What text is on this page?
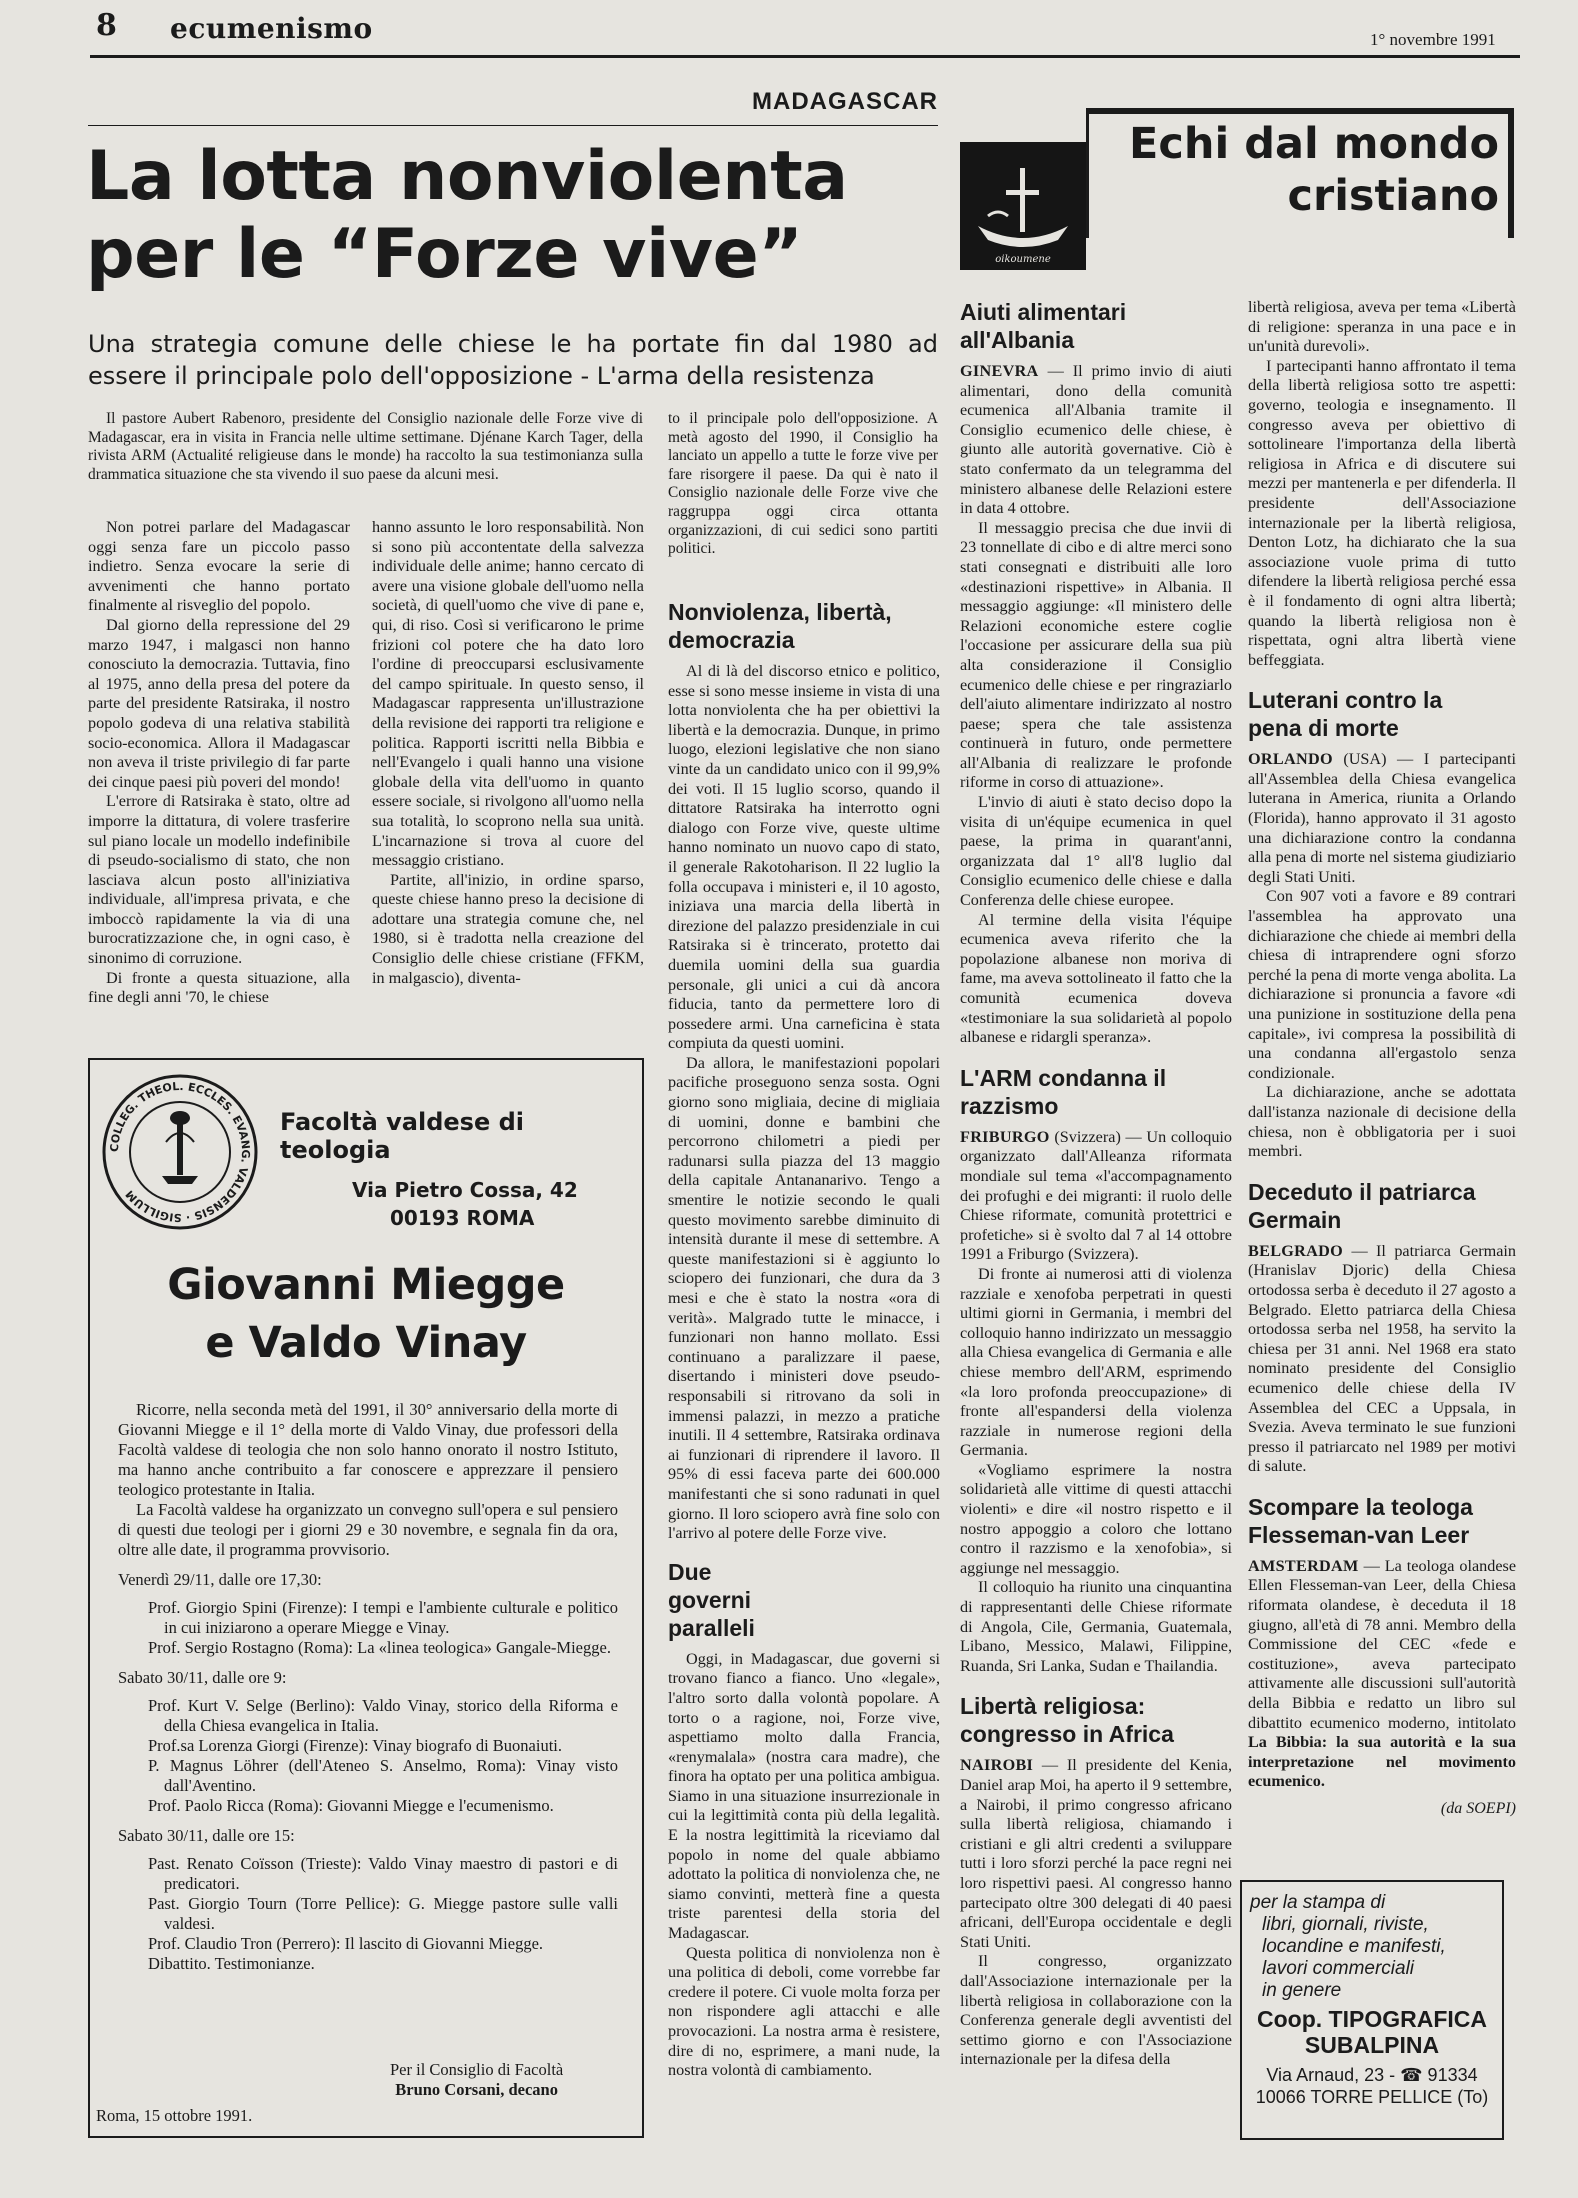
8 ecumenismo	1° novembre 1991
MADAGASCAR
La lotta nonviolenta
per le “Forze vive”
Una strategia comune delle chiese le ha portate fin dal 1980 ad essere il principale polo dell'opposizione - L'arma della resistenza

Il pastore Aubert Rabenoro, presidente del Consiglio nazionale delle Forze vive di Madagascar, era in visita in Francia nelle ultime settimane. Djénane Karch Tager, della rivista ARM (Actualité religieuse dans le monde) ha raccolto la sua testimonianza sulla drammatica situazione che sta vivendo il suo paese da alcuni mesi.

to il principale polo dell'opposizione. A metà agosto del 1990, il Consiglio ha lanciato un appello a tutte le forze vive per fare risorgere il paese. Da qui è nato il Consiglio nazionale delle Forze vive che raggruppa oggi circa ottanta organizzazioni, di cui sedici sono partiti politici.

Non potrei parlare del Madagascar oggi senza fare un piccolo passo indietro. Senza evocare la serie di avvenimenti che hanno portato finalmente al risveglio del popolo.

Dal giorno della repressione del 29 marzo 1947, i malgasci non hanno conosciuto la democrazia. Tuttavia, fino al 1975, anno della presa del potere da parte del presidente Ratsiraka, il nostro popolo godeva di una relativa stabilità socio-economica. Allora il Madagascar non aveva il triste privilegio di far parte dei cinque paesi più poveri del mondo!

L'errore di Ratsiraka è stato, oltre ad imporre la dittatura, di volere trasferire sul piano locale un modello indefinibile di pseudo-socialismo di stato, che non lasciava alcun posto all'iniziativa individuale, all'impresa privata, e che imboccò rapidamente la via di una burocratizzazione che, in ogni caso, è sinonimo di corruzione.

Di fronte a questa situazione, alla fine degli anni '70, le chiese

hanno assunto le loro responsabilità. Non si sono più accontentate della salvezza individuale delle anime; hanno cercato di avere una visione globale dell'uomo nella società, di quell'uomo che vive di pane e, qui, di riso. Così si verificarono le prime frizioni col potere che ha dato loro l'ordine di preoccuparsi esclusivamente del campo spirituale. In questo senso, il Madagascar rappresenta un'illustrazione della revisione dei rapporti tra religione e politica. Rapporti iscritti nella Bibbia e nell'Evangelo i quali hanno una visione globale della vita dell'uomo in quanto essere sociale, si rivolgono all'uomo nella sua totalità, lo scoprono nella sua unità. L'incarnazione si trova al cuore del messaggio cristiano.

Partite, all'inizio, in ordine sparso, queste chiese hanno preso la decisione di adottare una strategia comune che, nel 1980, si è tradotta nella creazione del Consiglio delle chiese cristiane (FFKM, in malgascio), diventa-

Nonviolenza, libertà, democrazia

Al di là del discorso etnico e politico, esse si sono messe insieme in vista di una lotta nonviolenta che ha per obiettivi la libertà e la democrazia. Dunque, in primo luogo, elezioni legislative che non siano vinte da un candidato unico con il 99,9% dei voti. Il 15 luglio scorso, quando il dittatore Ratsiraka ha interrotto ogni dialogo con Forze vive, queste ultime hanno nominato un nuovo capo di stato, il generale Rakotoharison. Il 22 luglio la folla occupava i ministeri e, il 10 agosto, iniziava una marcia della libertà in direzione del palazzo presidenziale in cui Ratsiraka si è trincerato, protetto dai duemila uomini della sua guardia personale, gli unici a cui dà ancora fiducia, tanto da permettere loro di possedere armi. Una carneficina è stata compiuta da questi uomini.

Da allora, le manifestazioni popolari pacifiche proseguono senza sosta. Ogni giorno sono migliaia, decine di migliaia di uomini, donne e bambini che percorrono chilometri a piedi per radunarsi sulla piazza del 13 maggio della capitale Antananarivo. Tengo a smentire le notizie secondo le quali questo movimento sarebbe diminuito di intensità durante il mese di settembre. A queste manifestazioni si è aggiunto lo sciopero dei funzionari, che dura da 3 mesi e che è stato la nostra «ora di verità». Malgrado tutte le minacce, i funzionari non hanno mollato. Essi continuano a paralizzare il paese, disertando i ministeri dove pseudo-responsabili si ritrovano da soli in immensi palazzi, in mezzo a pratiche inutili. Il 4 settembre, Ratsiraka ordinava ai funzionari di riprendere il lavoro. Il 95% di essi faceva parte dei 600.000 manifestanti che si sono radunati in quel giorno. Il loro sciopero avrà fine solo con l'arrivo al potere delle Forze vive.

Due governi paralleli

Oggi, in Madagascar, due governi si trovano fianco a fianco. Uno «legale», l'altro sorto dalla volontà popolare. A torto o a ragione, noi, Forze vive, aspettiamo molto dalla Francia, «renymalala» (nostra cara madre), che finora ha optato per una politica ambigua. Siamo in una situazione insurrezionale in cui la legittimità conta più della legalità. E la nostra legittimità la riceviamo dal popolo in nome del quale abbiamo adottato la politica di nonviolenza che, ne siamo convinti, metterà fine a questa triste parentesi della storia del Madagascar.

Questa politica di nonviolenza non è una politica di deboli, come vorrebbe far credere il potere. Ci vuole molta forza per non rispondere agli attacchi e alle provocazioni. La nostra arma è resistere, dire di no, esprimere, a mani nude, la nostra volontà di cambiamento.

COLLEG. THEOL. ECCLES. EVANG. VALDENSIS · SIGILLUM
Facoltà valdese di teologia
Via Pietro Cossa, 42
00193 ROMA
Giovanni Miegge
e Valdo Vinay

Ricorre, nella seconda metà del 1991, il 30° anniversario della morte di Giovanni Miegge e il 1° della morte di Valdo Vinay, due professori della Facoltà valdese di teologia che non solo hanno onorato il nostro Istituto, ma hanno anche contribuito a far conoscere e apprezzare il pensiero teologico protestante in Italia.

La Facoltà valdese ha organizzato un convegno sull'opera e sul pensiero di questi due teologi per i giorni 29 e 30 novembre, e segnala fin da ora, oltre alle date, il programma provvisorio.

Venerdì 29/11, dalle ore 17,30:
Prof. Giorgio Spini (Firenze): I tempi e l'ambiente culturale e politico in cui iniziarono a operare Miegge e Vinay.
Prof. Sergio Rostagno (Roma): La «linea teologica» Gangale-Miegge.
Sabato 30/11, dalle ore 9:
Prof. Kurt V. Selge (Berlino): Valdo Vinay, storico della Riforma e della Chiesa evangelica in Italia.
Prof.sa Lorenza Giorgi (Firenze): Vinay biografo di Buonaiuti.
P. Magnus Löhrer (dell'Ateneo S. Anselmo, Roma): Vinay visto dall'Aventino.
Prof. Paolo Ricca (Roma): Giovanni Miegge e l'ecumenismo.
Sabato 30/11, dalle ore 15:
Past. Renato Coïsson (Trieste): Valdo Vinay maestro di pastori e di predicatori.
Past. Giorgio Tourn (Torre Pellice): G. Miegge pastore sulle valli valdesi.
Prof. Claudio Tron (Perrero): Il lascito di Giovanni Miegge.
Dibattito. Testimonianze.
Per il Consiglio di Facoltà
Bruno Corsani, decano
Roma, 15 ottobre 1991.
oikoumene
Echi dal mondo
cristiano
Aiuti alimentari all'Albania

GINEVRA — Il primo invio di aiuti alimentari, dono della comunità ecumenica all'Albania tramite il Consiglio ecumenico delle chiese, è giunto alle autorità governative. Ciò è stato confermato da un telegramma del ministero albanese delle Relazioni estere in data 4 ottobre.

Il messaggio precisa che due invii di 23 tonnellate di cibo e di altre merci sono stati consegnati e distribuiti alle loro «destinazioni rispettive» in Albania. Il messaggio aggiunge: «Il ministero delle Relazioni economiche estere coglie l'occasione per assicurare della sua più alta considerazione il Consiglio ecumenico delle chiese e per ringraziarlo dell'aiuto alimentare indirizzato al nostro paese; spera che tale assistenza continuerà in futuro, onde permettere all'Albania di realizzare le profonde riforme in corso di attuazione».

L'invio di aiuti è stato deciso dopo la visita di un'équipe ecumenica in quel paese, la prima in quarant'anni, organizzata dal 1° all'8 luglio dal Consiglio ecumenico delle chiese e dalla Conferenza delle chiese europee.

Al termine della visita l'équipe ecumenica aveva riferito che la popolazione albanese non moriva di fame, ma aveva sottolineato il fatto che la comunità ecumenica doveva «testimoniare la sua solidarietà al popolo albanese e ridargli speranza».

L'ARM condanna il razzismo

FRIBURGO (Svizzera) — Un colloquio organizzato dall'Alleanza riformata mondiale sul tema «l'accompagnamento dei profughi e dei migranti: il ruolo delle Chiese riformate, comunità protettrici e profetiche» si è svolto dal 7 al 14 ottobre 1991 a Friburgo (Svizzera).

Di fronte ai numerosi atti di violenza razziale e xenofoba perpetrati in questi ultimi giorni in Germania, i membri del colloquio hanno indirizzato un messaggio alla Chiesa evangelica di Germania e alle chiese membro dell'ARM, esprimendo «la loro profonda preoccupazione» di fronte all'espandersi della violenza razziale in numerose regioni della Germania.

«Vogliamo esprimere la nostra solidarietà alle vittime di questi attacchi violenti» e dire «il nostro rispetto e il nostro appoggio a coloro che lottano contro il razzismo e la xenofobia», si aggiunge nel messaggio.

Il colloquio ha riunito una cinquantina di rappresentanti delle Chiese riformate di Angola, Cile, Germania, Guatemala, Libano, Messico, Malawi, Filippine, Ruanda, Sri Lanka, Sudan e Thailandia.

Libertà religiosa: congresso in Africa

NAIROBI — Il presidente del Kenia, Daniel arap Moi, ha aperto il 9 settembre, a Nairobi, il primo congresso africano sulla libertà religiosa, chiamando i cristiani e gli altri credenti a sviluppare tutti i loro sforzi perché la pace regni nei loro rispettivi paesi. Al congresso hanno partecipato oltre 300 delegati di 40 paesi africani, dell'Europa occidentale e degli Stati Uniti.

Il congresso, organizzato dall'Associazione internazionale per la libertà religiosa in collaborazione con la Conferenza generale degli avventisti del settimo giorno e con l'Associazione internazionale per la difesa della

libertà religiosa, aveva per tema «Libertà di religione: speranza in una pace e in un'unità durevoli».

I partecipanti hanno affrontato il tema della libertà religiosa sotto tre aspetti: governo, teologia e insegnamento. Il congresso aveva per obiettivo di sottolineare l'importanza della libertà religiosa in Africa e di discutere sui mezzi per mantenerla e per difenderla. Il presidente dell'Associazione internazionale per la libertà religiosa, Denton Lotz, ha dichiarato che la sua associazione vuole prima di tutto difendere la libertà religiosa perché essa è il fondamento di ogni altra libertà; quando la libertà religiosa non è rispettata, ogni altra libertà viene beffeggiata.

Luterani contro la pena di morte

ORLANDO (USA) — I partecipanti all'Assemblea della Chiesa evangelica luterana in America, riunita a Orlando (Florida), hanno approvato il 31 agosto una dichiarazione contro la condanna alla pena di morte nel sistema giudiziario degli Stati Uniti.

Con 907 voti a favore e 89 contrari l'assemblea ha approvato una dichiarazione che chiede ai membri della chiesa di intraprendere ogni sforzo perché la pena di morte venga abolita. La dichiarazione si pronuncia a favore «di una punizione in sostituzione della pena capitale», ivi compresa la possibilità di una condanna all'ergastolo senza condizionale.

La dichiarazione, anche se adottata dall'istanza nazionale di decisione della chiesa, non è obbligatoria per i suoi membri.

Deceduto il patriarca Germain

BELGRADO — Il patriarca Germain (Hranislav Djoric) della Chiesa ortodossa serba è deceduto il 27 agosto a Belgrado. Eletto patriarca della Chiesa ortodossa serba nel 1958, ha servito la chiesa per 31 anni. Nel 1968 era stato nominato presidente del Consiglio ecumenico delle chiese della IV Assemblea del CEC a Uppsala, in Svezia. Aveva terminato le sue funzioni presso il patriarcato nel 1989 per motivi di salute.

Scompare la teologa Flesseman-van Leer

AMSTERDAM — La teologa olandese Ellen Flesseman-van Leer, della Chiesa riformata olandese, è deceduta il 18 giugno, all'età di 78 anni. Membro della Commissione del CEC «fede e costituzione», aveva partecipato attivamente alle discussioni sull'autorità della Bibbia e redatto un libro sul dibattito ecumenico moderno, intitolato La Bibbia: la sua autorità e la sua interpretazione nel movimento ecumenico.

(da SOEPI)
per la stampa di
libri, giornali, riviste,
locandine e manifesti,
lavori commerciali
in genere
Coop. TIPOGRAFICA
SUBALPINA
Via Arnaud, 23 - ☎ 91334
10066 TORRE PELLICE (To)
